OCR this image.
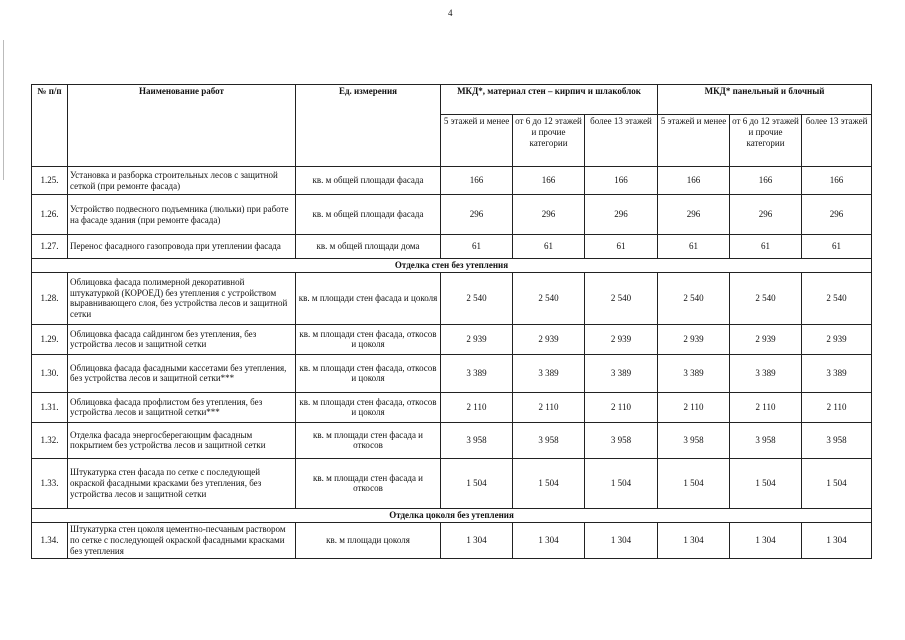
4
№ п/п	Наименование работ	Ед. измерения	МКД*, материал стен – кирпич и шлакоблок			МКД* панельный и блочный		
			5 этажей и менее	от 6 до 12 этажей и прочие категории	более 13 этажей	5 этажей и менее	от 6 до 12 этажей и прочие категории	более 13 этажей
1.25.	Установка и разборка строительных лесов с защитной сеткой (при ремонте фасада)	кв. м общей площади фасада	166	166	166	166	166	166
1.26.	Устройство подвесного подъемника (люльки) при работе на фасаде здания (при ремонте фасада)	кв. м общей площади фасада	296	296	296	296	296	296
1.27.	Перенос фасадного газопровода при утеплении фасада	кв. м общей площади дома	61	61	61	61	61	61
Отделка стен без утепления								
1.28.	Облицовка фасада полимерной декоративной штукатуркой (КОРОЕД) без утепления с устройством выравнивающего слоя, без устройства лесов и защитной сетки	кв. м площади стен фасада и цоколя	2 540	2 540	2 540	2 540	2 540	2 540
1.29.	Облицовка фасада сайдингом без утепления, без устройства лесов и защитной сетки	кв. м площади стен фасада, откосов и цоколя	2 939	2 939	2 939	2 939	2 939	2 939
1.30.	Облицовка фасада фасадными кассетами без утепления, без устройства лесов и защитной сетки***	кв. м площади стен фасада, откосов и цоколя	3 389	3 389	3 389	3 389	3 389	3 389
1.31.	Облицовка фасада профлистом без утепления, без устройства лесов и защитной сетки***	кв. м площади стен фасада, откосов и цоколя	2 110	2 110	2 110	2 110	2 110	2 110
1.32.	Отделка фасада энергосберегающим фасадным покрытием без устройства лесов и защитной сетки	кв. м площади стен фасада и откосов	3 958	3 958	3 958	3 958	3 958	3 958
1.33.	Штукатурка стен фасада по сетке с последующей окраской фасадными красками без утепления, без устройства лесов и защитной сетки	кв. м площади стен фасада и откосов	1 504	1 504	1 504	1 504	1 504	1 504
Отделка цоколя без утепления								
1.34.	Штукатурка стен цоколя цементно-песчаным раствором по сетке с последующей окраской фасадными красками без утепления	кв. м площади цоколя	1 304	1 304	1 304	1 304	1 304	1 304
